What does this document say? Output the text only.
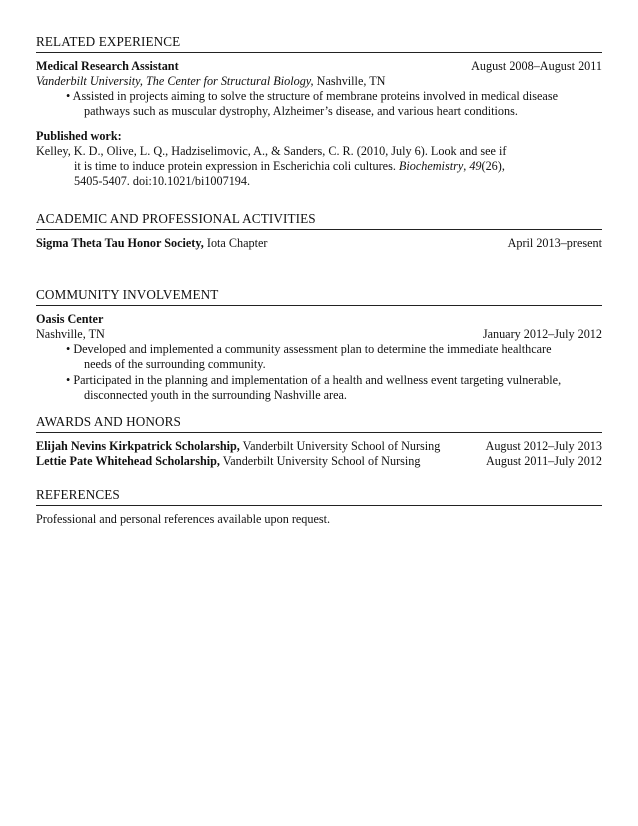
RELATED EXPERIENCE
Medical Research Assistant	August 2008–August 2011
Vanderbilt University, The Center for Structural Biology, Nashville, TN
• Assisted in projects aiming to solve the structure of membrane proteins involved in medical disease
pathways such as muscular dystrophy, Alzheimer’s disease, and various heart conditions.
Published work:
Kelley, K. D., Olive, L. Q., Hadziselimovic, A., & Sanders, C. R. (2010, July 6). Look and see if
it is time to induce protein expression in Escherichia coli cultures. Biochemistry, 49(26),
5405-5407. doi:10.1021/bi1007194.
ACADEMIC AND PROFESSIONAL ACTIVITIES
Sigma Theta Tau Honor Society, Iota Chapter	April 2013–present
COMMUNITY INVOLVEMENT
Oasis Center
Nashville, TN	January 2012–July 2012
• Developed and implemented a community assessment plan to determine the immediate healthcare
needs of the surrounding community.
• Participated in the planning and implementation of a health and wellness event targeting vulnerable,
disconnected youth in the surrounding Nashville area.
AWARDS AND HONORS
Elijah Nevins Kirkpatrick Scholarship, Vanderbilt University School of Nursing	August 2012–July 2013
Lettie Pate Whitehead Scholarship, Vanderbilt University School of Nursing	August 2011–July 2012
REFERENCES
Professional and personal references available upon request.
